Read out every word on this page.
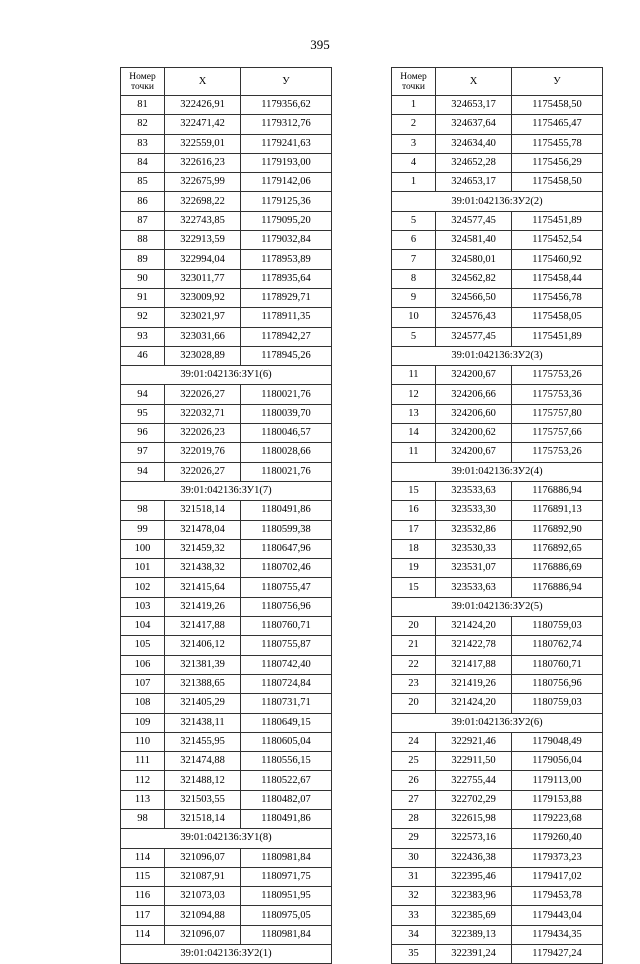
395
Номер точки	Х	У
81	322426,91	1179356,62
82	322471,42	1179312,76
83	322559,01	1179241,63
84	322616,23	1179193,00
85	322675,99	1179142,06
86	322698,22	1179125,36
87	322743,85	1179095,20
88	322913,59	1179032,84
89	322994,04	1178953,89
90	323011,77	1178935,64
91	323009,92	1178929,71
92	323021,97	1178911,35
93	323031,66	1178942,27
46	323028,89	1178945,26
39:01:042136:ЗУ1(6)		
94	322026,27	1180021,76
95	322032,71	1180039,70
96	322026,23	1180046,57
97	322019,76	1180028,66
94	322026,27	1180021,76
39:01:042136:ЗУ1(7)		
98	321518,14	1180491,86
99	321478,04	1180599,38
100	321459,32	1180647,96
101	321438,32	1180702,46
102	321415,64	1180755,47
103	321419,26	1180756,96
104	321417,88	1180760,71
105	321406,12	1180755,87
106	321381,39	1180742,40
107	321388,65	1180724,84
108	321405,29	1180731,71
109	321438,11	1180649,15
110	321455,95	1180605,04
111	321474,88	1180556,15
112	321488,12	1180522,67
113	321503,55	1180482,07
98	321518,14	1180491,86
39:01:042136:ЗУ1(8)		
114	321096,07	1180981,84
115	321087,91	1180971,75
116	321073,03	1180951,95
117	321094,88	1180975,05
114	321096,07	1180981,84
39:01:042136:ЗУ2(1)		
Номер точки	Х	У
1	324653,17	1175458,50
2	324637,64	1175465,47
3	324634,40	1175455,78
4	324652,28	1175456,29
1	324653,17	1175458,50
39:01:042136:ЗУ2(2)		
5	324577,45	1175451,89
6	324581,40	1175452,54
7	324580,01	1175460,92
8	324562,82	1175458,44
9	324566,50	1175456,78
10	324576,43	1175458,05
5	324577,45	1175451,89
39:01:042136:ЗУ2(3)		
11	324200,67	1175753,26
12	324206,66	1175753,36
13	324206,60	1175757,80
14	324200,62	1175757,66
11	324200,67	1175753,26
39:01:042136:ЗУ2(4)		
15	323533,63	1176886,94
16	323533,30	1176891,13
17	323532,86	1176892,90
18	323530,33	1176892,65
19	323531,07	1176886,69
15	323533,63	1176886,94
39:01:042136:ЗУ2(5)		
20	321424,20	1180759,03
21	321422,78	1180762,74
22	321417,88	1180760,71
23	321419,26	1180756,96
20	321424,20	1180759,03
39:01:042136:ЗУ2(6)		
24	322921,46	1179048,49
25	322911,50	1179056,04
26	322755,44	1179113,00
27	322702,29	1179153,88
28	322615,98	1179223,68
29	322573,16	1179260,40
30	322436,38	1179373,23
31	322395,46	1179417,02
32	322383,96	1179453,78
33	322385,69	1179443,04
34	322389,13	1179434,35
35	322391,24	1179427,24
